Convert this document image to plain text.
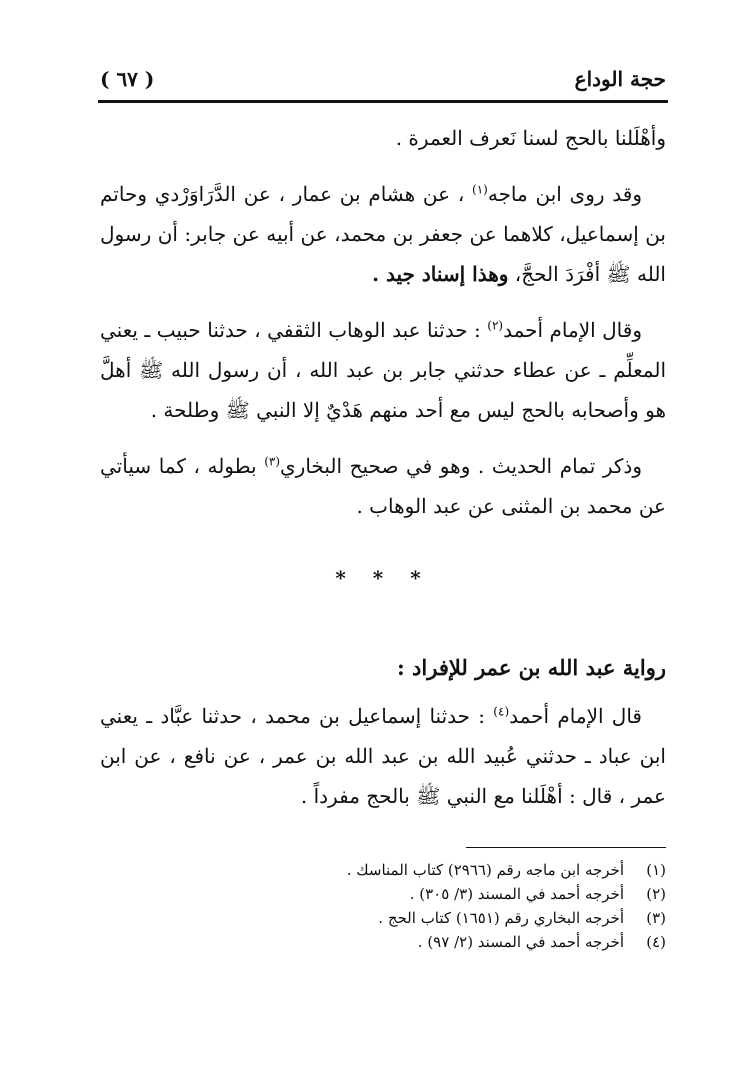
حجة الوداع
( ٦٧ )

وأهْلَلنا بالحج لسنا نَعرف العمرة .

وقد روى ابن ماجه$^{(١)}$ ، عن هشام بن عمار ، عن الدَّرَاوَرْدي وحاتم بن إسماعيل، كلاهما عن جعفر بن محمد، عن أبيه عن جابر: أن رسول الله ﷺ أفْرَدَ الحجَّ، وهذا إسناد جيد .

وقال الإمام أحمد$^{(٢)}$ : حدثنا عبد الوهاب الثقفي ، حدثنا حبيب ـ يعني المعلِّم ـ عن عطاء حدثني جابر بن عبد الله ، أن رسول الله ﷺ أهلَّ هو وأصحابه بالحج ليس مع أحد منهم هَدْيٌ إلا النبي ﷺ وطلحة .

وذكر تمام الحديث . وهو في صحيح البخاري$^{(٣)}$ بطوله ، كما سيأتي عن محمد بن المثنى عن عبد الوهاب .

* * *
رواية عبد الله بن عمر للإفراد :

قال الإمام أحمد$^{(٤)}$ : حدثنا إسماعيل بن محمد ، حدثنا عبَّاد ـ يعني ابن عباد ـ حدثني عُبيد الله بن عبد الله بن عمر ، عن نافع ، عن ابن عمر ، قال : أهْلَلنا مع النبي ﷺ بالحج مفرداً .

(١)
أخرجه ابن ماجه رقم (٢٩٦٦) كتاب المناسك .
(٢)
أخرجه أحمد في المسند (٣/ ٣٠٥) .
(٣)
أخرجه البخاري رقم (١٦٥١) كتاب الحج .
(٤)
أخرجه أحمد في المسند (٢/ ٩٧) .
